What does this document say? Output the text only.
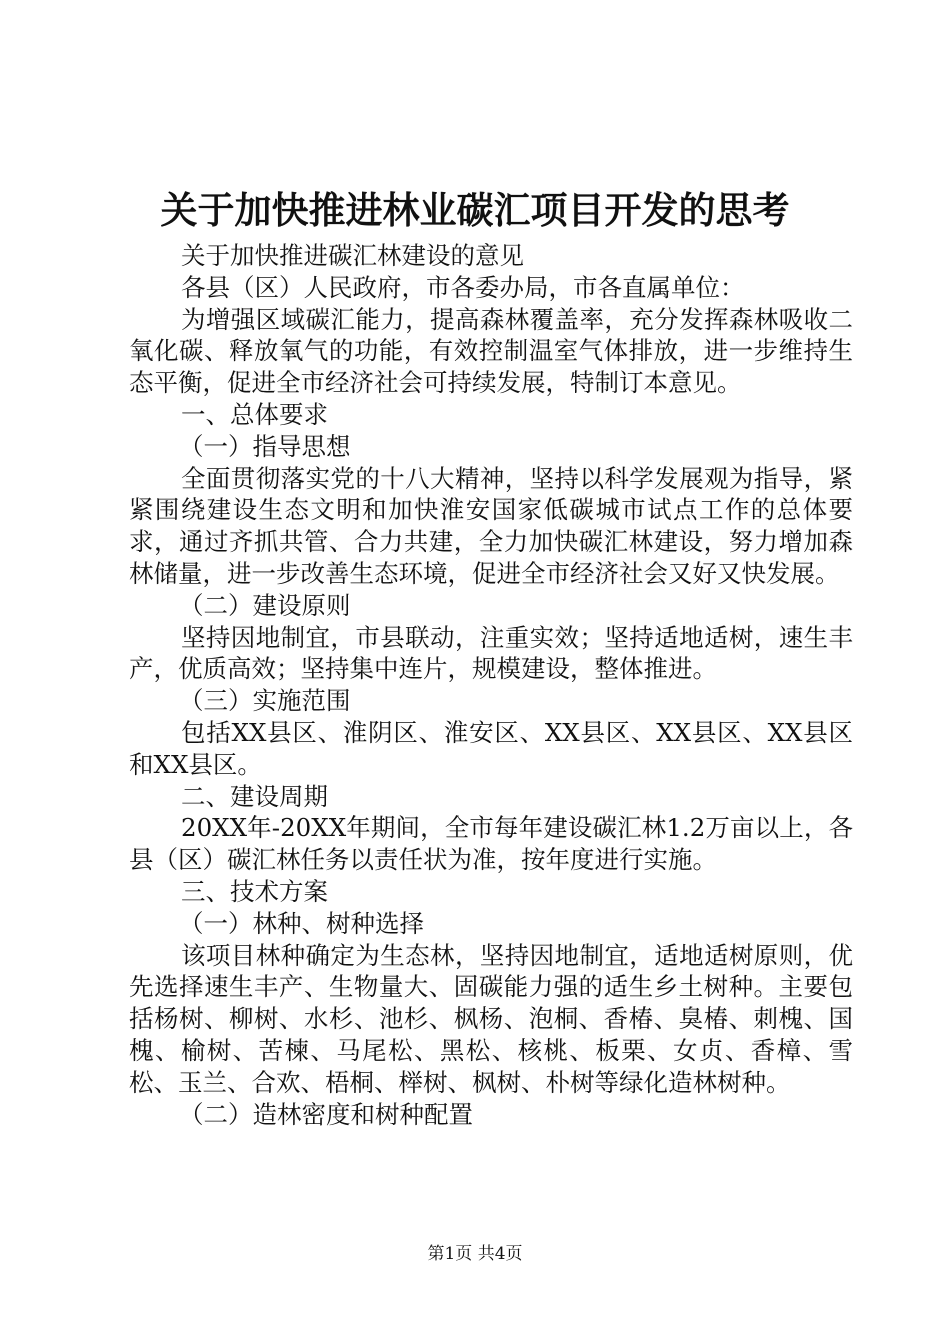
关于加快推进林业碳汇项目开发的思考

关于加快推进碳汇林建设的意见

各县（区）人民政府，市各委办局，市各直属单位：

为增强区域碳汇能力，提高森林覆盖率，充分发挥森林吸收二氧化碳、释放氧气的功能，有效控制温室气体排放，进一步维持生态平衡，促进全市经济社会可持续发展，特制订本意见。

一、总体要求

（一）指导思想

全面贯彻落实党的十八大精神，坚持以科学发展观为指导，紧紧围绕建设生态文明和加快淮安国家低碳城市试点工作的总体要求，通过齐抓共管、合力共建，全力加快碳汇林建设，努力增加森林储量，进一步改善生态环境，促进全市经济社会又好又快发展。

（二）建设原则

坚持因地制宜，市县联动，注重实效；坚持适地适树，速生丰产，优质高效；坚持集中连片，规模建设，整体推进。

（三）实施范围

包括XX县区、淮阴区、淮安区、XX县区、XX县区、XX县区和XX县区。

二、建设周期

20XX年-20XX年期间，全市每年建设碳汇林1.2万亩以上，各县（区）碳汇林任务以责任状为准，按年度进行实施。

三、技术方案

（一）林种、树种选择

该项目林种确定为生态林，坚持因地制宜，适地适树原则，优先选择速生丰产、生物量大、固碳能力强的适生乡土树种。主要包括杨树、柳树、水杉、池杉、枫杨、泡桐、香椿、臭椿、刺槐、国槐、榆树、苦楝、马尾松、黑松、核桃、板栗、女贞、香樟、雪松、玉兰、合欢、梧桐、榉树、枫树、朴树等绿化造林树种。

（二）造林密度和树种配置

第1页 共4页
